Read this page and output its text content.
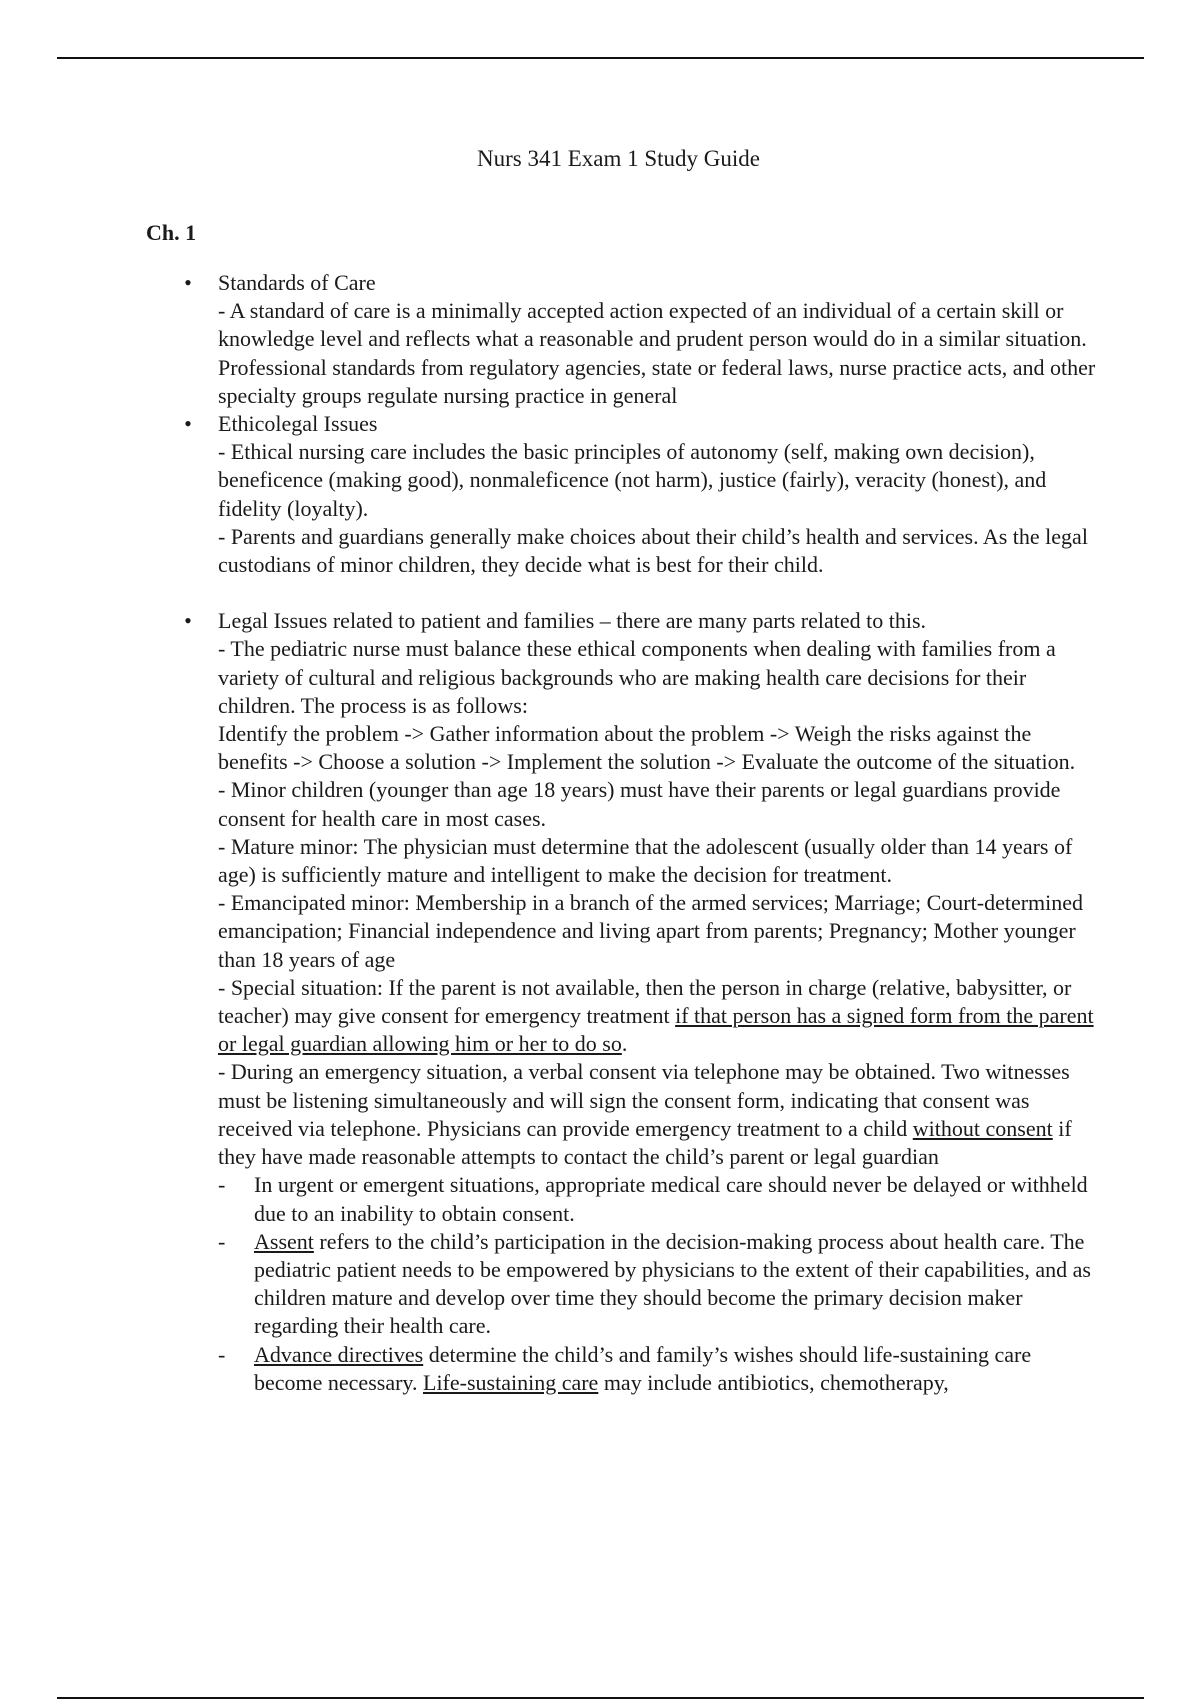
Nurs 341 Exam 1 Study Guide
Ch. 1
• Standards of Care

- A standard of care is a minimally accepted action expected of an individual of a certain skill or knowledge level and reflects what a reasonable and prudent person would do in a similar situation. Professional standards from regulatory agencies, state or federal laws, nurse practice acts, and other specialty groups regulate nursing practice in general

• Ethicolegal Issues

- Ethical nursing care includes the basic principles of autonomy (self, making own decision), beneficence (making good), nonmaleficence (not harm), justice (fairly), veracity (honest), and fidelity (loyalty).

- Parents and guardians generally make choices about their child’s health and services. As the legal custodians of minor children, they decide what is best for their child.

• Legal Issues related to patient and families – there are many parts related to this.

- The pediatric nurse must balance these ethical components when dealing with families from a variety of cultural and religious backgrounds who are making health care decisions for their children. The process is as follows:

Identify the problem -> Gather information about the problem -> Weigh the risks against the benefits -> Choose a solution -> Implement the solution -> Evaluate the outcome of the situation.

- Minor children (younger than age 18 years) must have their parents or legal guardians provide consent for health care in most cases.

- Mature minor: The physician must determine that the adolescent (usually older than 14 years of age) is sufficiently mature and intelligent to make the decision for treatment.

- Emancipated minor: Membership in a branch of the armed services; Marriage; Court-determined emancipation; Financial independence and living apart from parents; Pregnancy; Mother younger than 18 years of age

- Special situation: If the parent is not available, then the person in charge (relative, babysitter, or teacher) may give consent for emergency treatment if that person has a signed form from the parent or legal guardian allowing him or her to do so.

- During an emergency situation, a verbal consent via telephone may be obtained. Two witnesses must be listening simultaneously and will sign the consent form, indicating that consent was received via telephone. Physicians can provide emergency treatment to a child without consent if they have made reasonable attempts to contact the child’s parent or legal guardian

- In urgent or emergent situations, appropriate medical care should never be delayed or withheld due to an inability to obtain consent.
- Assent refers to the child’s participation in the decision-making process about health care. The pediatric patient needs to be empowered by physicians to the extent of their capabilities, and as children mature and develop over time they should become the primary decision maker regarding their health care.
- Advance directives determine the child’s and family’s wishes should life-sustaining care become necessary. Life-sustaining care may include antibiotics, chemotherapy,
